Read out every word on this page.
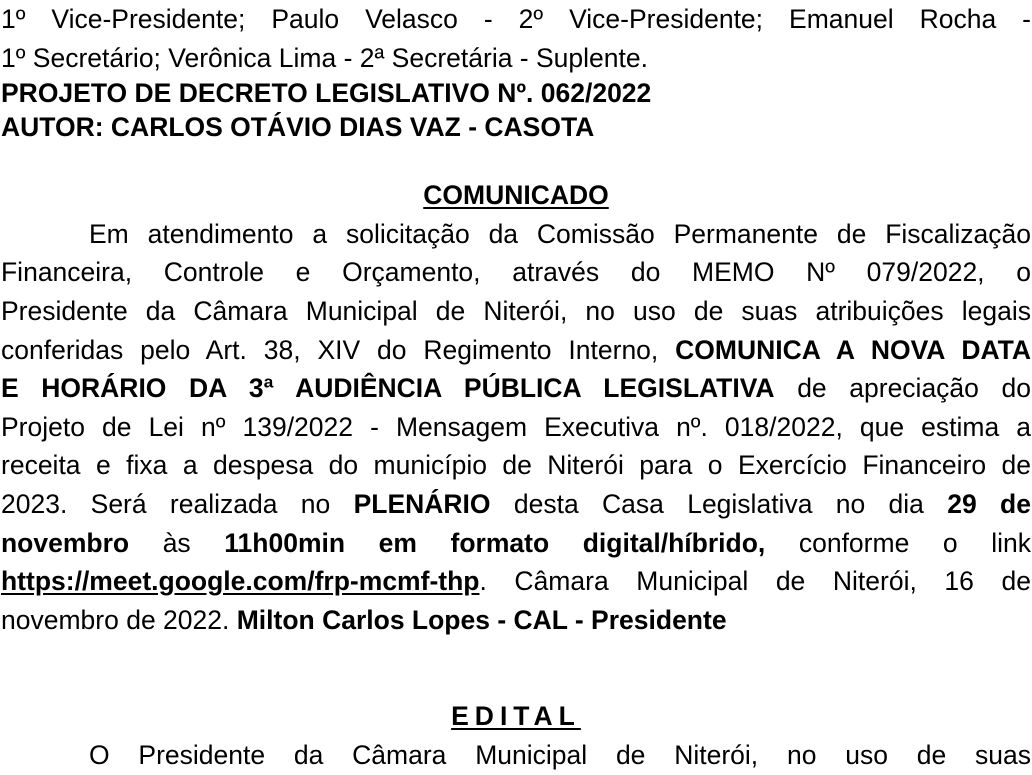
1º Vice-Presidente; Paulo Velasco - 2º Vice-Presidente; Emanuel Rocha -

1º Secretário; Verônica Lima - 2ª Secretária - Suplente.

PROJETO DE DECRETO LEGISLATIVO Nº. 062/2022

AUTOR: CARLOS OTÁVIO DIAS VAZ - CASOTA

COMUNICADO

Em atendimento a solicitação da Comissão Permanente de Fiscalização

Financeira, Controle e Orçamento, através do MEMO Nº 079/2022, o

Presidente da Câmara Municipal de Niterói, no uso de suas atribuições legais

conferidas pelo Art. 38, XIV do Regimento Interno, COMUNICA A NOVA DATA

E HORÁRIO DA 3ª AUDIÊNCIA PÚBLICA LEGISLATIVA de apreciação do

Projeto de Lei nº 139/2022 - Mensagem Executiva nº. 018/2022, que estima a

receita e fixa a despesa do município de Niterói para o Exercício Financeiro de

2023. Será realizada no PLENÁRIO desta Casa Legislativa no dia 29 de

novembro às 11h00min em formato digital/híbrido, conforme o link

https://meet.google.com/frp-mcmf-thp. Câmara Municipal de Niterói, 16 de

novembro de 2022. Milton Carlos Lopes - CAL - Presidente

EDITAL

O Presidente da Câmara Municipal de Niterói, no uso de suas
